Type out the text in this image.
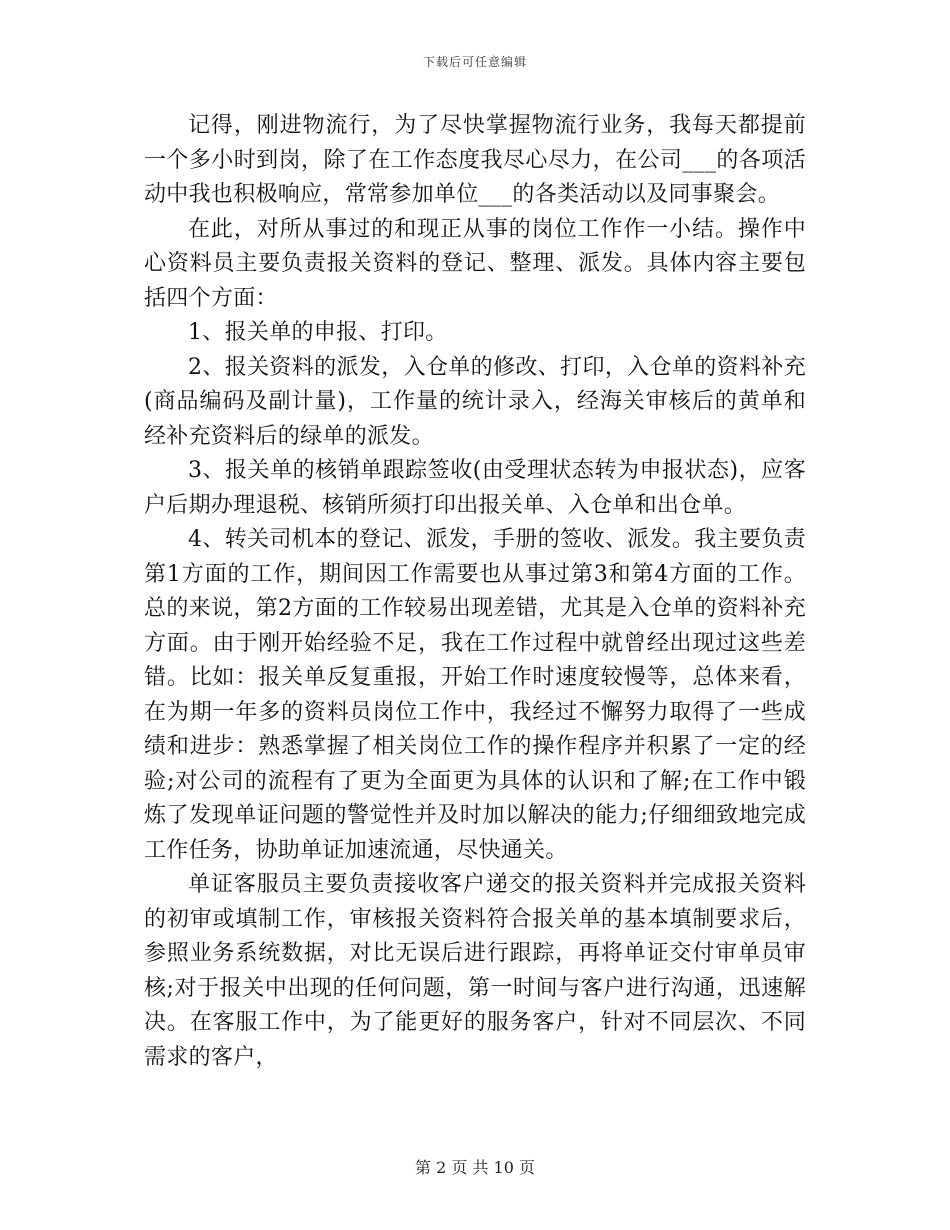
下载后可任意编辑

记得，刚进物流行，为了尽快掌握物流行业务，我每天都提前一个多小时到岗，除了在工作态度我尽心尽力，在公司___的各项活动中我也积极响应，常常参加单位___的各类活动以及同事聚会。

在此，对所从事过的和现正从事的岗位工作作一小结。操作中心资料员主要负责报关资料的登记、整理、派发。具体内容主要包括四个方面：

1、报关单的申报、打印。

2、报关资料的派发，入仓单的修改、打印，入仓单的资料补充(商品编码及副计量)，工作量的统计录入，经海关审核后的黄单和经补充资料后的绿单的派发。

3、报关单的核销单跟踪签收(由受理状态转为申报状态)，应客户后期办理退税、核销所须打印出报关单、入仓单和出仓单。

4、转关司机本的登记、派发，手册的签收、派发。我主要负责第1方面的工作，期间因工作需要也从事过第3和第4方面的工作。总的来说，第2方面的工作较易出现差错，尤其是入仓单的资料补充方面。由于刚开始经验不足，我在工作过程中就曾经出现过这些差错。比如：报关单反复重报，开始工作时速度较慢等，总体来看，在为期一年多的资料员岗位工作中，我经过不懈努力取得了一些成绩和进步：熟悉掌握了相关岗位工作的操作程序并积累了一定的经验;对公司的流程有了更为全面更为具体的认识和了解;在工作中锻炼了发现单证问题的警觉性并及时加以解决的能力;仔细细致地完成工作任务，协助单证加速流通，尽快通关。

单证客服员主要负责接收客户递交的报关资料并完成报关资料的初审或填制工作，审核报关资料符合报关单的基本填制要求后，参照业务系统数据，对比无误后进行跟踪，再将单证交付审单员审核;对于报关中出现的任何问题，第一时间与客户进行沟通，迅速解决。在客服工作中，为了能更好的服务客户，针对不同层次、不同需求的客户，

第 2 页 共 10 页
